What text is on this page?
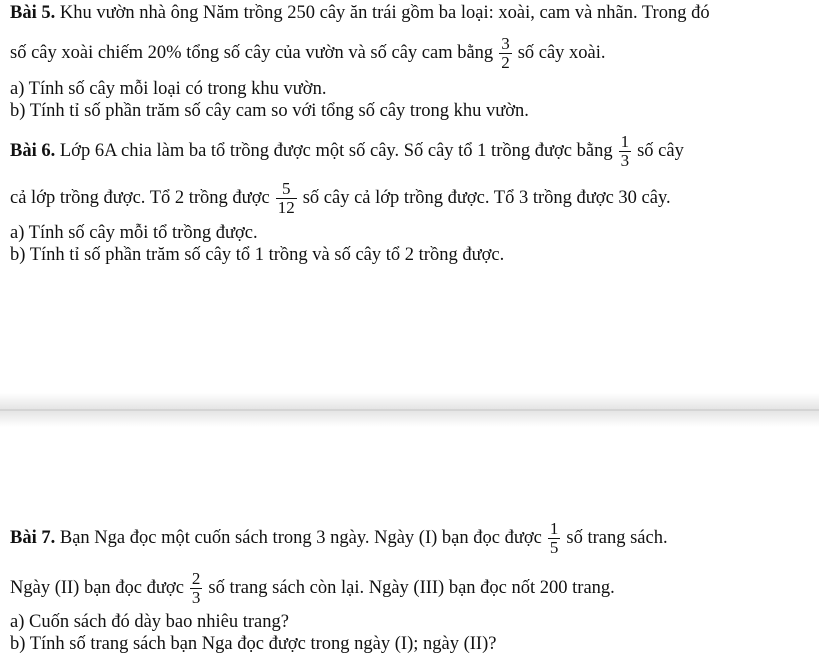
Bài 5. Khu vườn nhà ông Năm trồng 250 cây ăn trái gồm ba loại: xoài, cam và nhãn. Trong đó
số cây xoài chiếm 20% tổng số cây của vườn và số cây cam bằng $\frac{3}{2}$ số cây xoài.
a) Tính số cây mỗi loại có trong khu vườn.
b) Tính tỉ số phần trăm số cây cam so với tổng số cây trong khu vườn.
Bài 6. Lớp 6A chia làm ba tổ trồng được một số cây. Số cây tổ 1 trồng được bằng $\frac{1}{3}$ số cây
cả lớp trồng được. Tổ 2 trồng được $\frac{5}{12}$ số cây cả lớp trồng được. Tổ 3 trồng được 30 cây.
a) Tính số cây mỗi tổ trồng được.
b) Tính tỉ số phần trăm số cây tổ 1 trồng và số cây tổ 2 trồng được.
Bài 7. Bạn Nga đọc một cuốn sách trong 3 ngày. Ngày (I) bạn đọc được $\frac{1}{5}$ số trang sách.
Ngày (II) bạn đọc được $\frac{2}{3}$ số trang sách còn lại. Ngày (III) bạn đọc nốt 200 trang.
a) Cuốn sách đó dày bao nhiêu trang?
b) Tính số trang sách bạn Nga đọc được trong ngày (I); ngày (II)?
